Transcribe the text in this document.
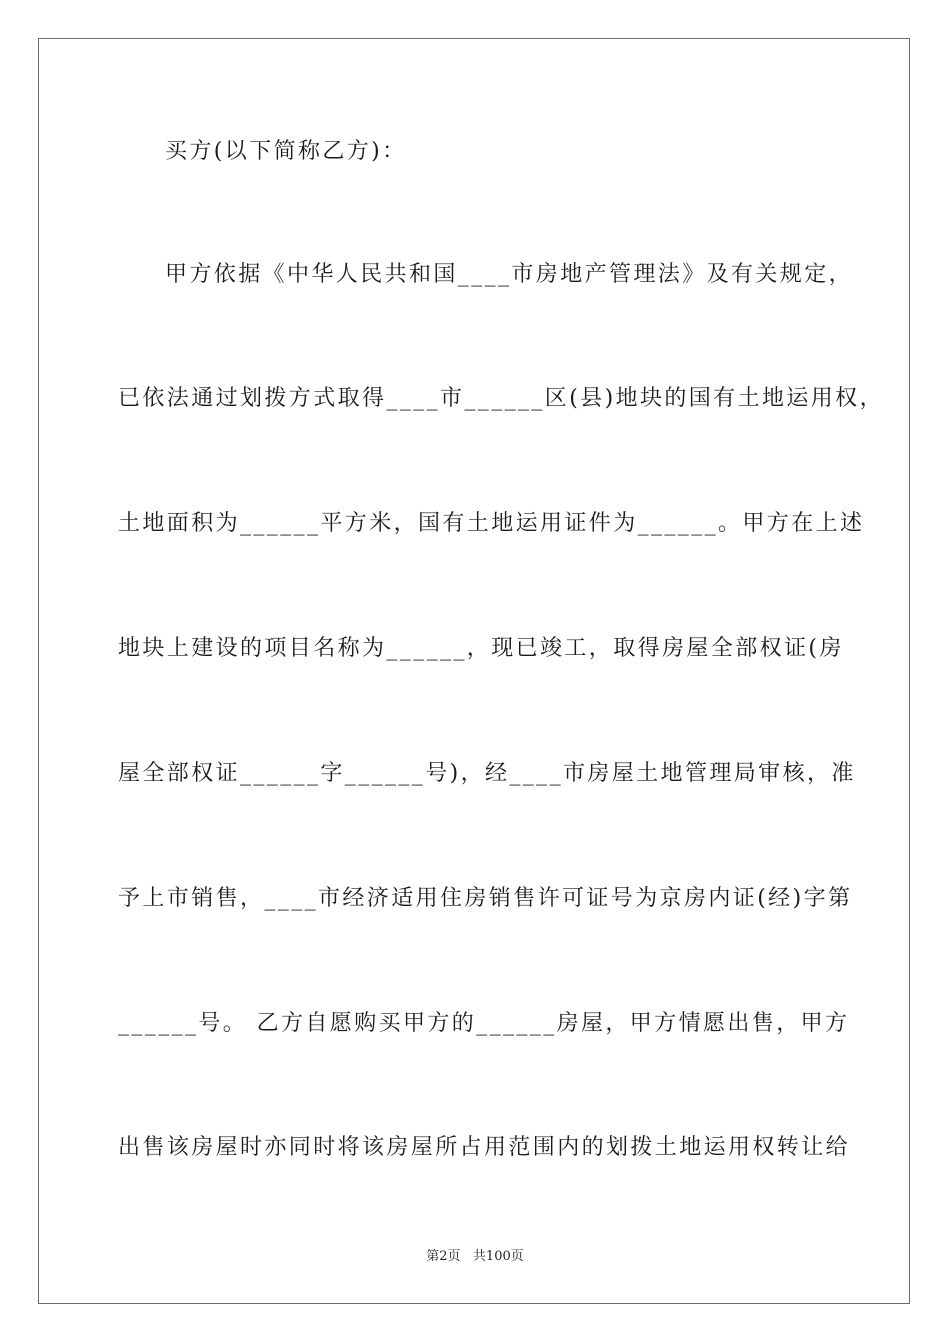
买方(以下简称乙方)：
甲方依据《中华人民共和国____市房地产管理法》及有关规定，
已依法通过划拨方式取得____市______区(县)地块的国有土地运用权，
土地面积为______平方米，国有土地运用证件为______。甲方在上述
地块上建设的项目名称为______，现已竣工，取得房屋全部权证(房
屋全部权证______字______号)，经____市房屋土地管理局审核，准
予上市销售，____市经济适用住房销售许可证号为京房内证(经)字第
______号。 乙方自愿购买甲方的______房屋，甲方情愿出售，甲方
出售该房屋时亦同时将该房屋所占用范围内的划拨土地运用权转让给
第2页   共100页
